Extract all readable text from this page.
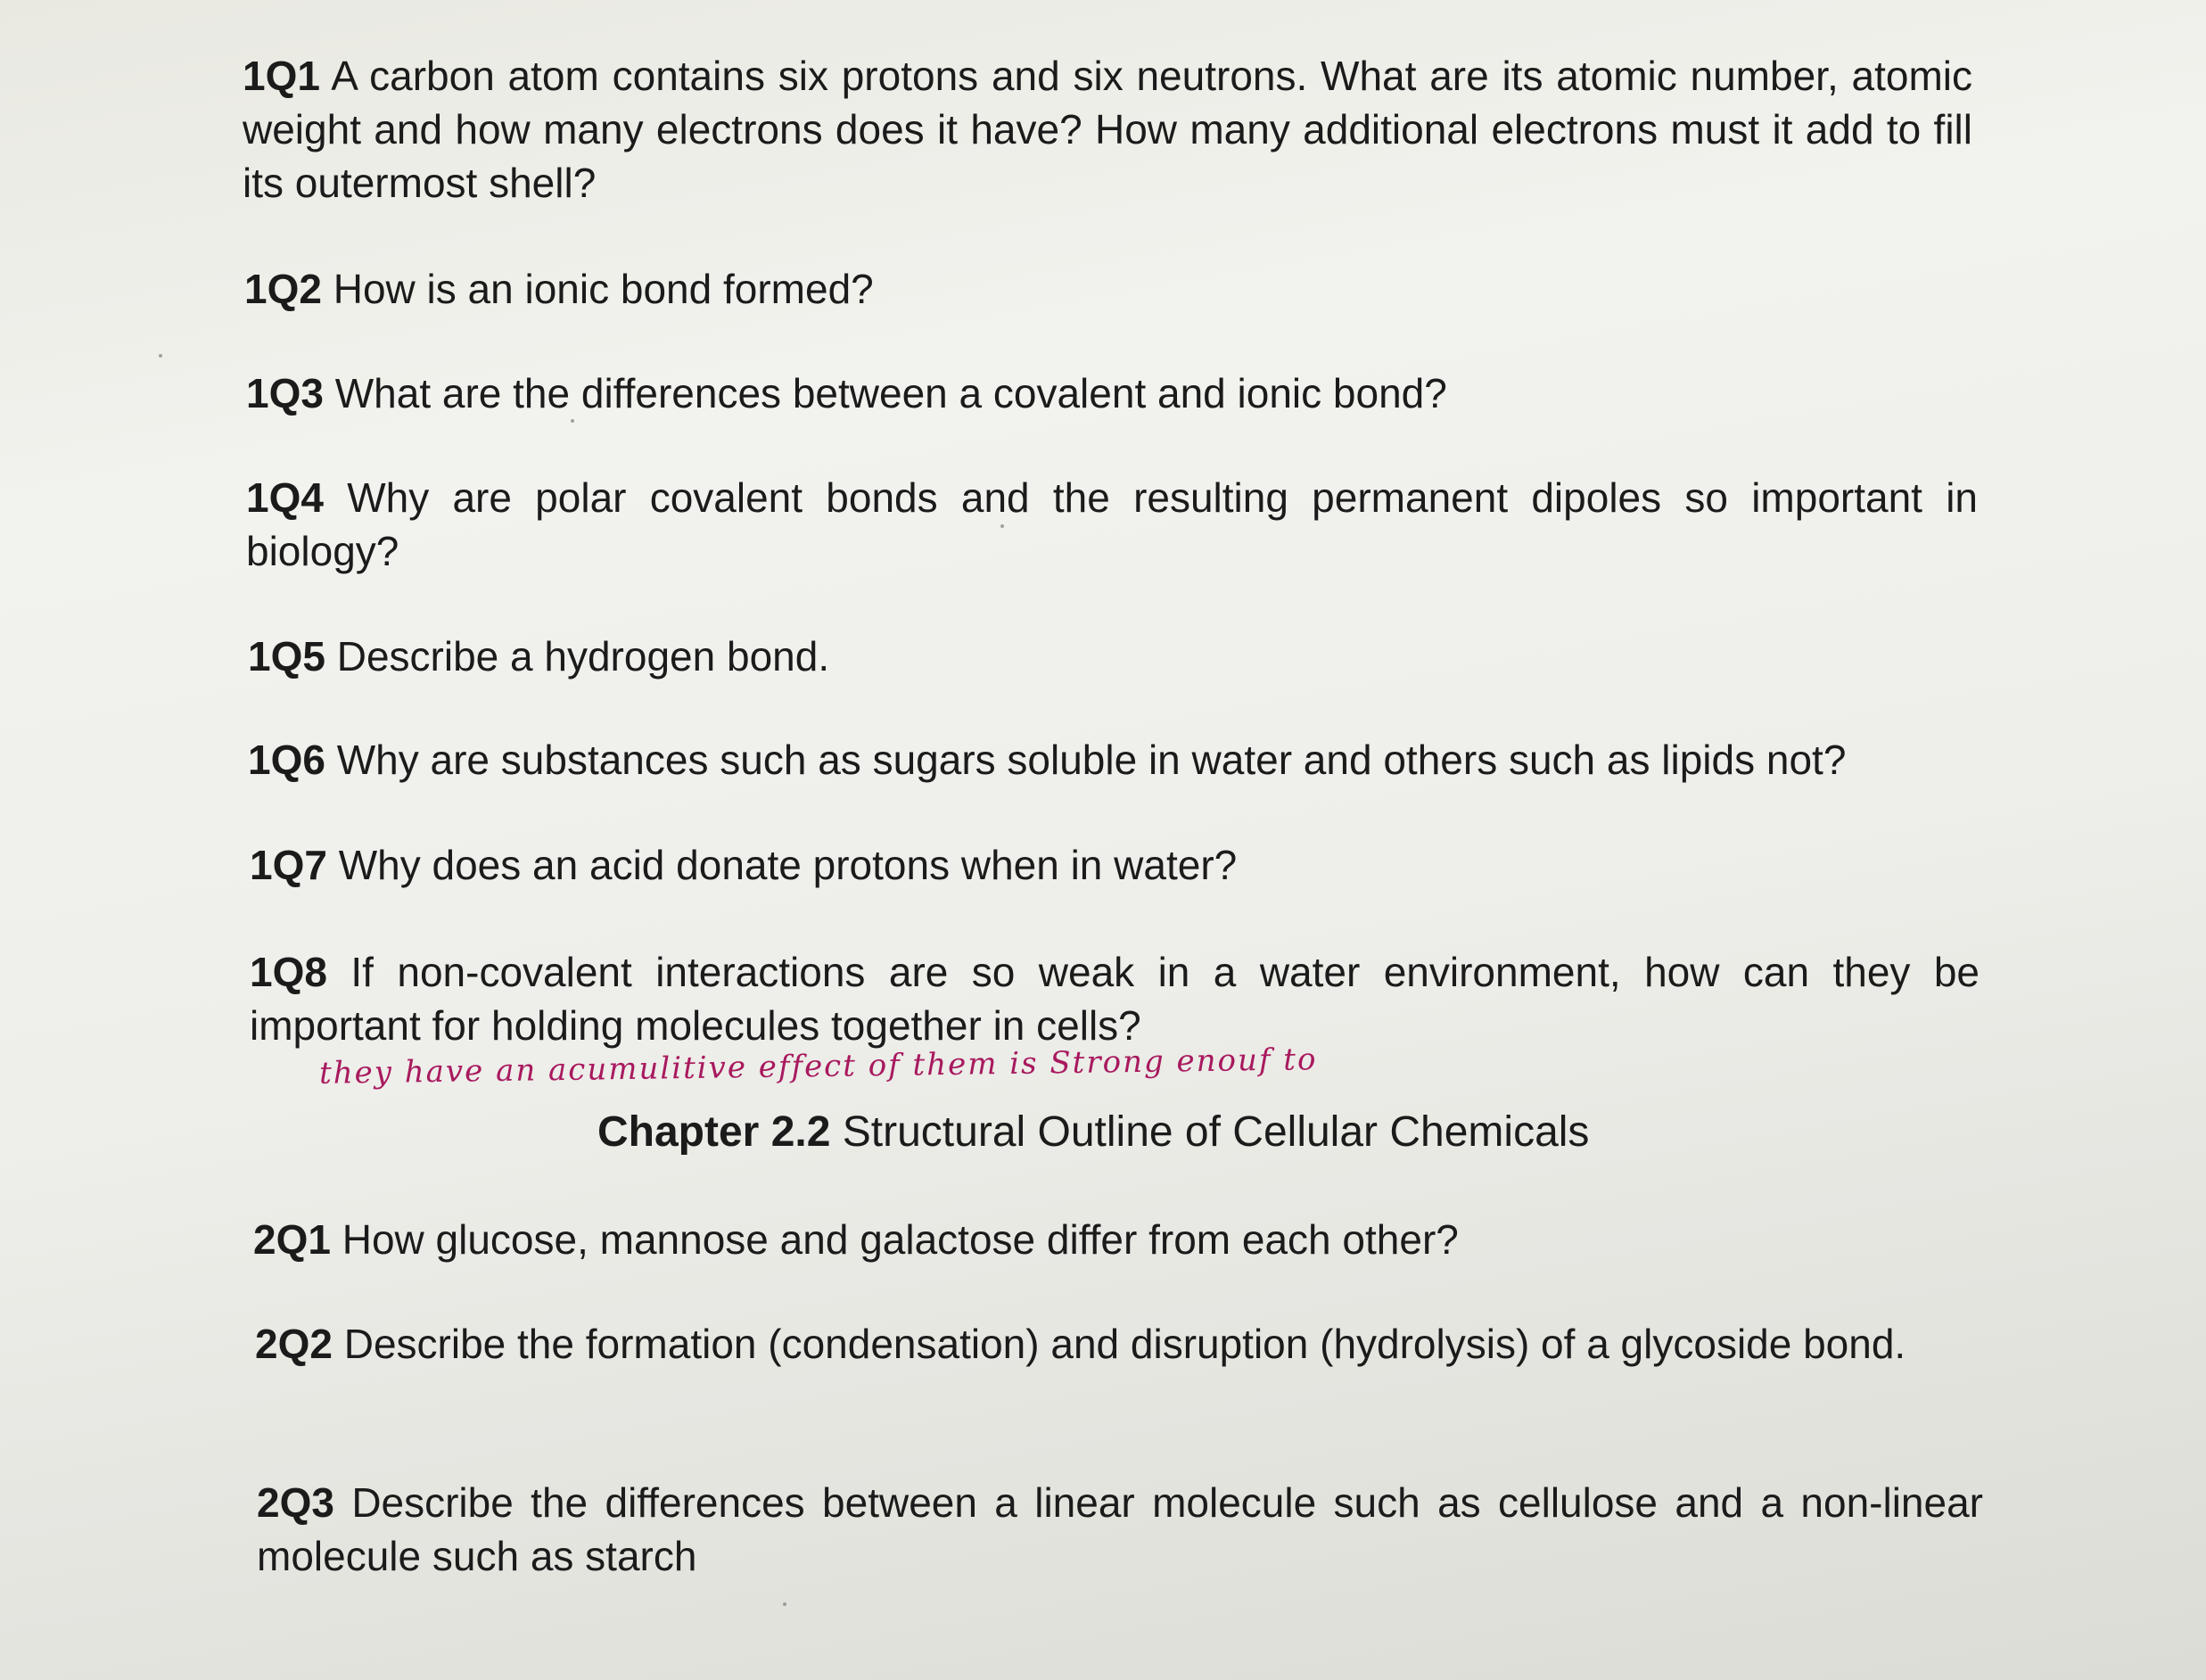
1Q1 A carbon atom contains six protons and six neutrons. What are its atomic number, atomic weight and how many electrons does it have? How many additional electrons must it add to fill its outermost shell?
1Q2 How is an ionic bond formed?
1Q3 What are the differences between a covalent and ionic bond?
1Q4 Why are polar covalent bonds and the resulting permanent dipoles so important in biology?
1Q5 Describe a hydrogen bond.
1Q6 Why are substances such as sugars soluble in water and others such as lipids not?
1Q7 Why does an acid donate protons when in water?
1Q8 If non-covalent interactions are so weak in a water environment, how can they be important for holding molecules together in cells?
they have an acumulitive effect of them is Strong enouf to
Chapter 2.2 Structural Outline of Cellular Chemicals
2Q1 How glucose, mannose and galactose differ from each other?
2Q2 Describe the formation (condensation) and disruption (hydrolysis) of a glycoside bond.
2Q3 Describe the differences between a linear molecule such as cellulose and a non-linear molecule such as starch
